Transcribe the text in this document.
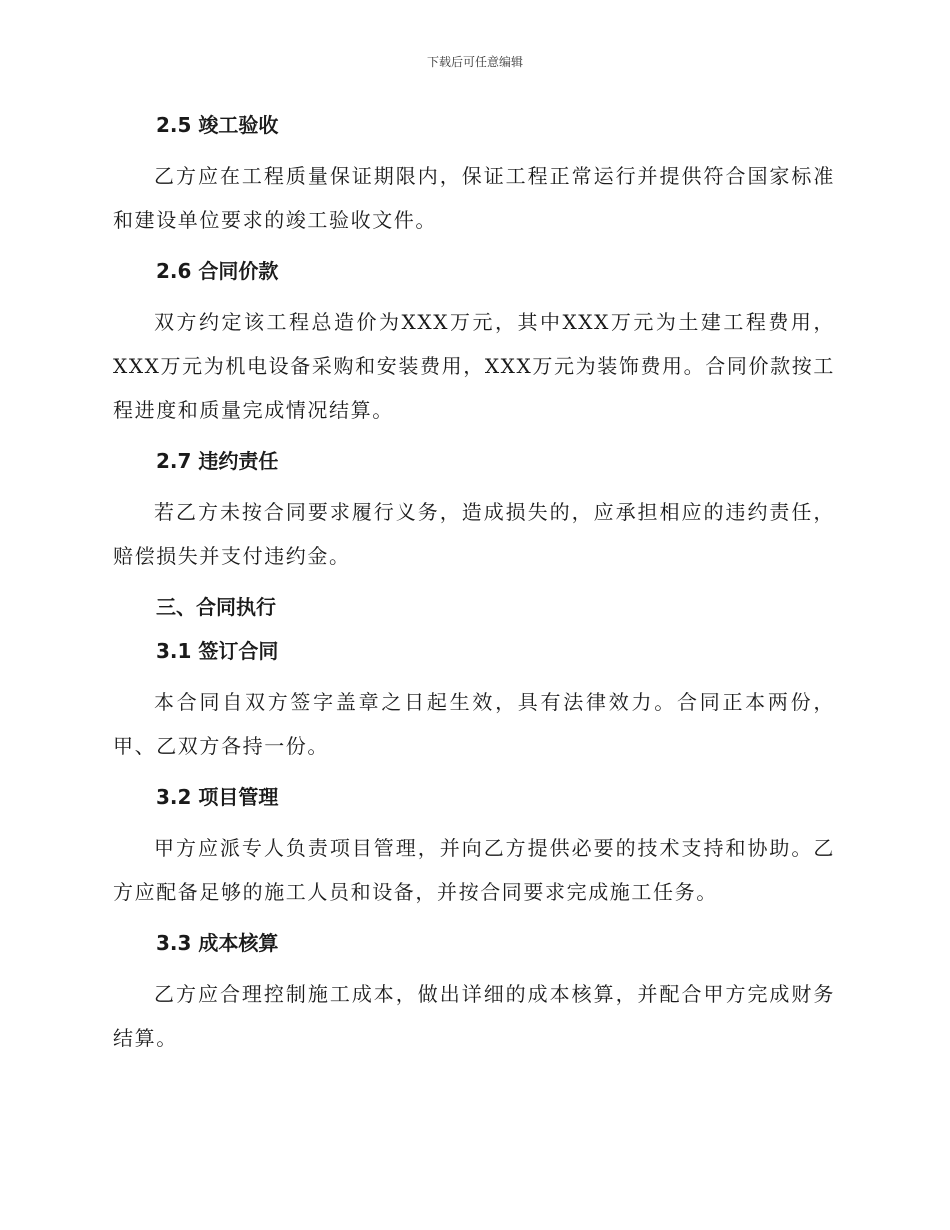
下载后可任意编辑
2.5 竣工验收
乙方应在工程质量保证期限内，保证工程正常运行并提供符合国家标准和建设单位要求的竣工验收文件。
2.6 合同价款
双方约定该工程总造价为XXX万元，其中XXX万元为土建工程费用，XXX万元为机电设备采购和安装费用，XXX万元为装饰费用。合同价款按工程进度和质量完成情况结算。
2.7 违约责任
若乙方未按合同要求履行义务，造成损失的，应承担相应的违约责任，赔偿损失并支付违约金。
三、合同执行
3.1 签订合同
本合同自双方签字盖章之日起生效，具有法律效力。合同正本两份，甲、乙双方各持一份。
3.2 项目管理
甲方应派专人负责项目管理，并向乙方提供必要的技术支持和协助。乙方应配备足够的施工人员和设备，并按合同要求完成施工任务。
3.3 成本核算
乙方应合理控制施工成本，做出详细的成本核算，并配合甲方完成财务结算。
